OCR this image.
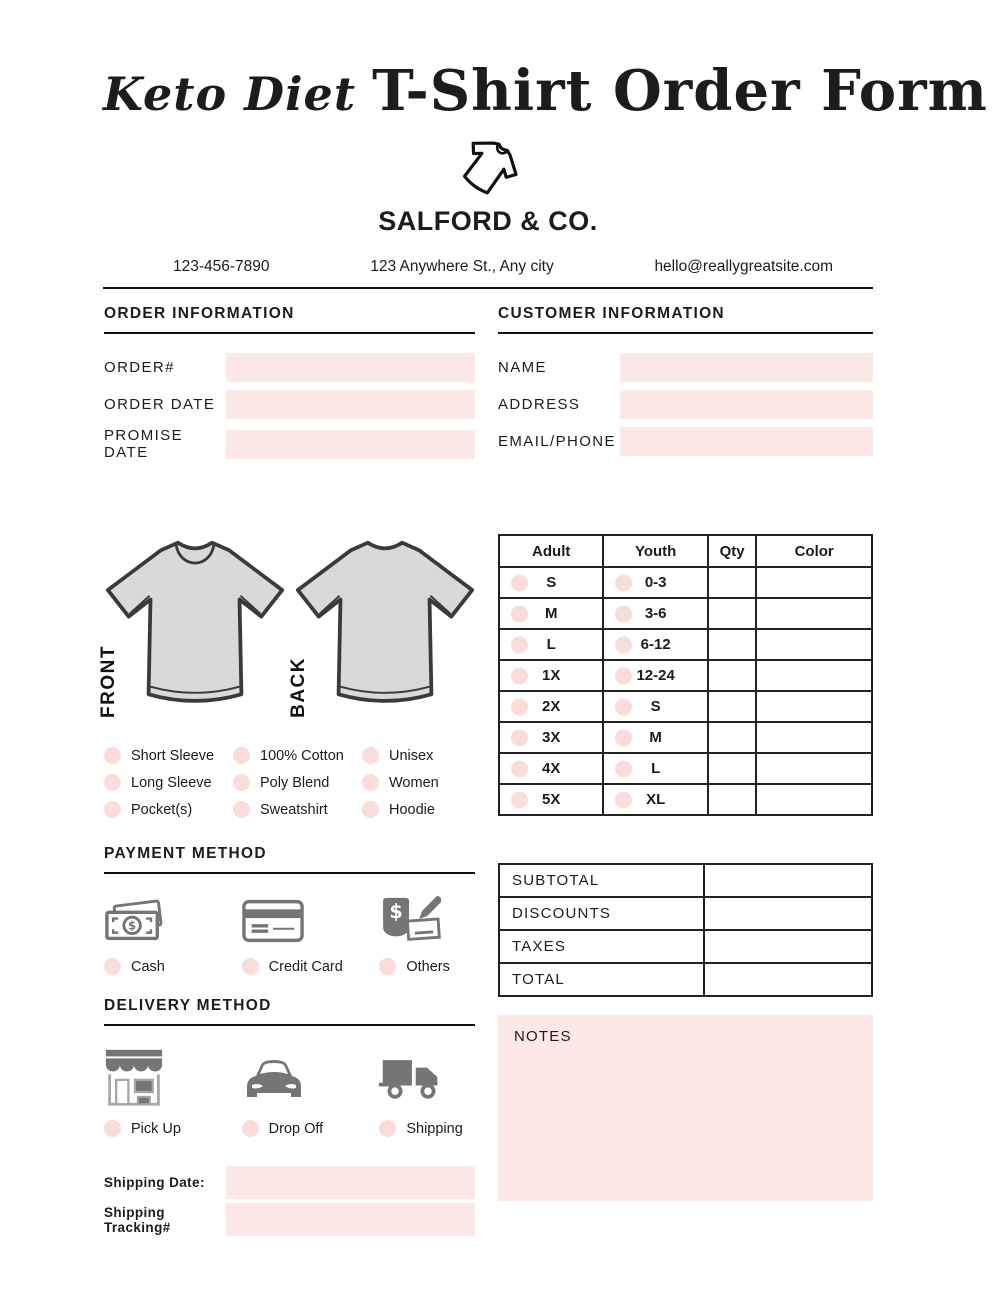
Keto Diet T-Shirt Order Form
SALFORD & CO.
123-456-7890	123 Anywhere St., Any city	hello@reallygreatsite.com
ORDER INFORMATION
ORDER#
ORDER DATE
PROMISE DATE
FRONT	BACK
Short Sleeve	100% Cotton	Unisex
Long Sleeve	Poly Blend	Women
Pocket(s)	Sweatshirt	Hoodie
PAYMENT METHOD
$
Cash	Credit Card
$
Others
DELIVERY METHOD
Pick Up	Drop Off	Shipping
Shipping Date:
Shipping Tracking#
CUSTOMER INFORMATION
NAME
ADDRESS
EMAIL/PHONE
Adult	Youth	Qty	Color

S	0-3		

M	3-6		

L	6-12		

1X	12-24		

2X	S		

3X	M		

4X	L		

5X	XL		
SUBTOTAL	
DISCOUNTS	
TAXES	
TOTAL	
NOTES
